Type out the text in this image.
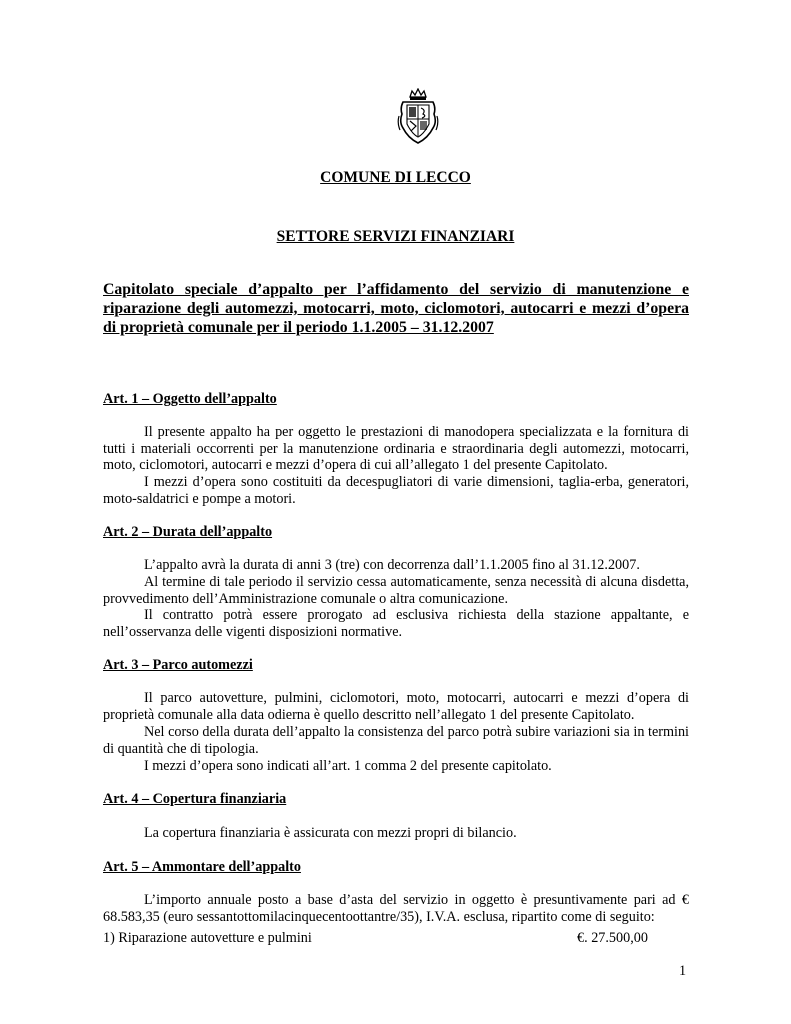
COMUNE DI LECCO
SETTORE SERVIZI FINANZIARI
Capitolato speciale d’appalto per l’affidamento del servizio di manutenzione e riparazione degli automezzi, motocarri, moto, ciclomotori, autocarri e mezzi d’opera di proprietà comunale per il periodo 1.1.2005 – 31.12.2007
Art. 1 – Oggetto dell’appalto

Il presente appalto ha per oggetto le prestazioni di manodopera specializzata e la fornitura di tutti i materiali occorrenti per la manutenzione ordinaria e straordinaria degli automezzi, motocarri, moto, ciclomotori, autocarri e mezzi d’opera di cui all’allegato 1 del presente Capitolato.

I mezzi d’opera sono costituiti da decespugliatori di varie dimensioni, taglia-erba, generatori, moto-saldatrici e pompe a motori.

Art. 2 – Durata dell’appalto

L’appalto avrà la durata di anni 3 (tre) con decorrenza dall’1.1.2005 fino al 31.12.2007.

Al termine di tale periodo il servizio cessa automaticamente, senza necessità di alcuna disdetta, provvedimento dell’Amministrazione comunale o altra comunicazione.

Il contratto potrà essere prorogato ad esclusiva richiesta della stazione appaltante, e nell’osservanza delle vigenti disposizioni normative.

Art. 3 – Parco automezzi

Il parco autovetture, pulmini, ciclomotori, moto, motocarri, autocarri e mezzi d’opera di proprietà comunale alla data odierna è quello descritto nell’allegato 1 del presente Capitolato.

Nel corso della durata dell’appalto la consistenza del parco potrà subire variazioni sia in termini di quantità che di tipologia.

I mezzi d’opera sono indicati all’art. 1 comma 2 del presente capitolato.

Art. 4 – Copertura finanziaria

La copertura finanziaria è assicurata con mezzi propri di bilancio.

Art. 5 – Ammontare dell’appalto

L’importo annuale posto a base d’asta del servizio in oggetto è presuntivamente pari ad € 68.583,35 (euro sessantottomilacinquecentoottantre/35), I.V.A. esclusa, ripartito come di seguito:

1) Riparazione autovetture e pulmini	€. 27.500,00
1
